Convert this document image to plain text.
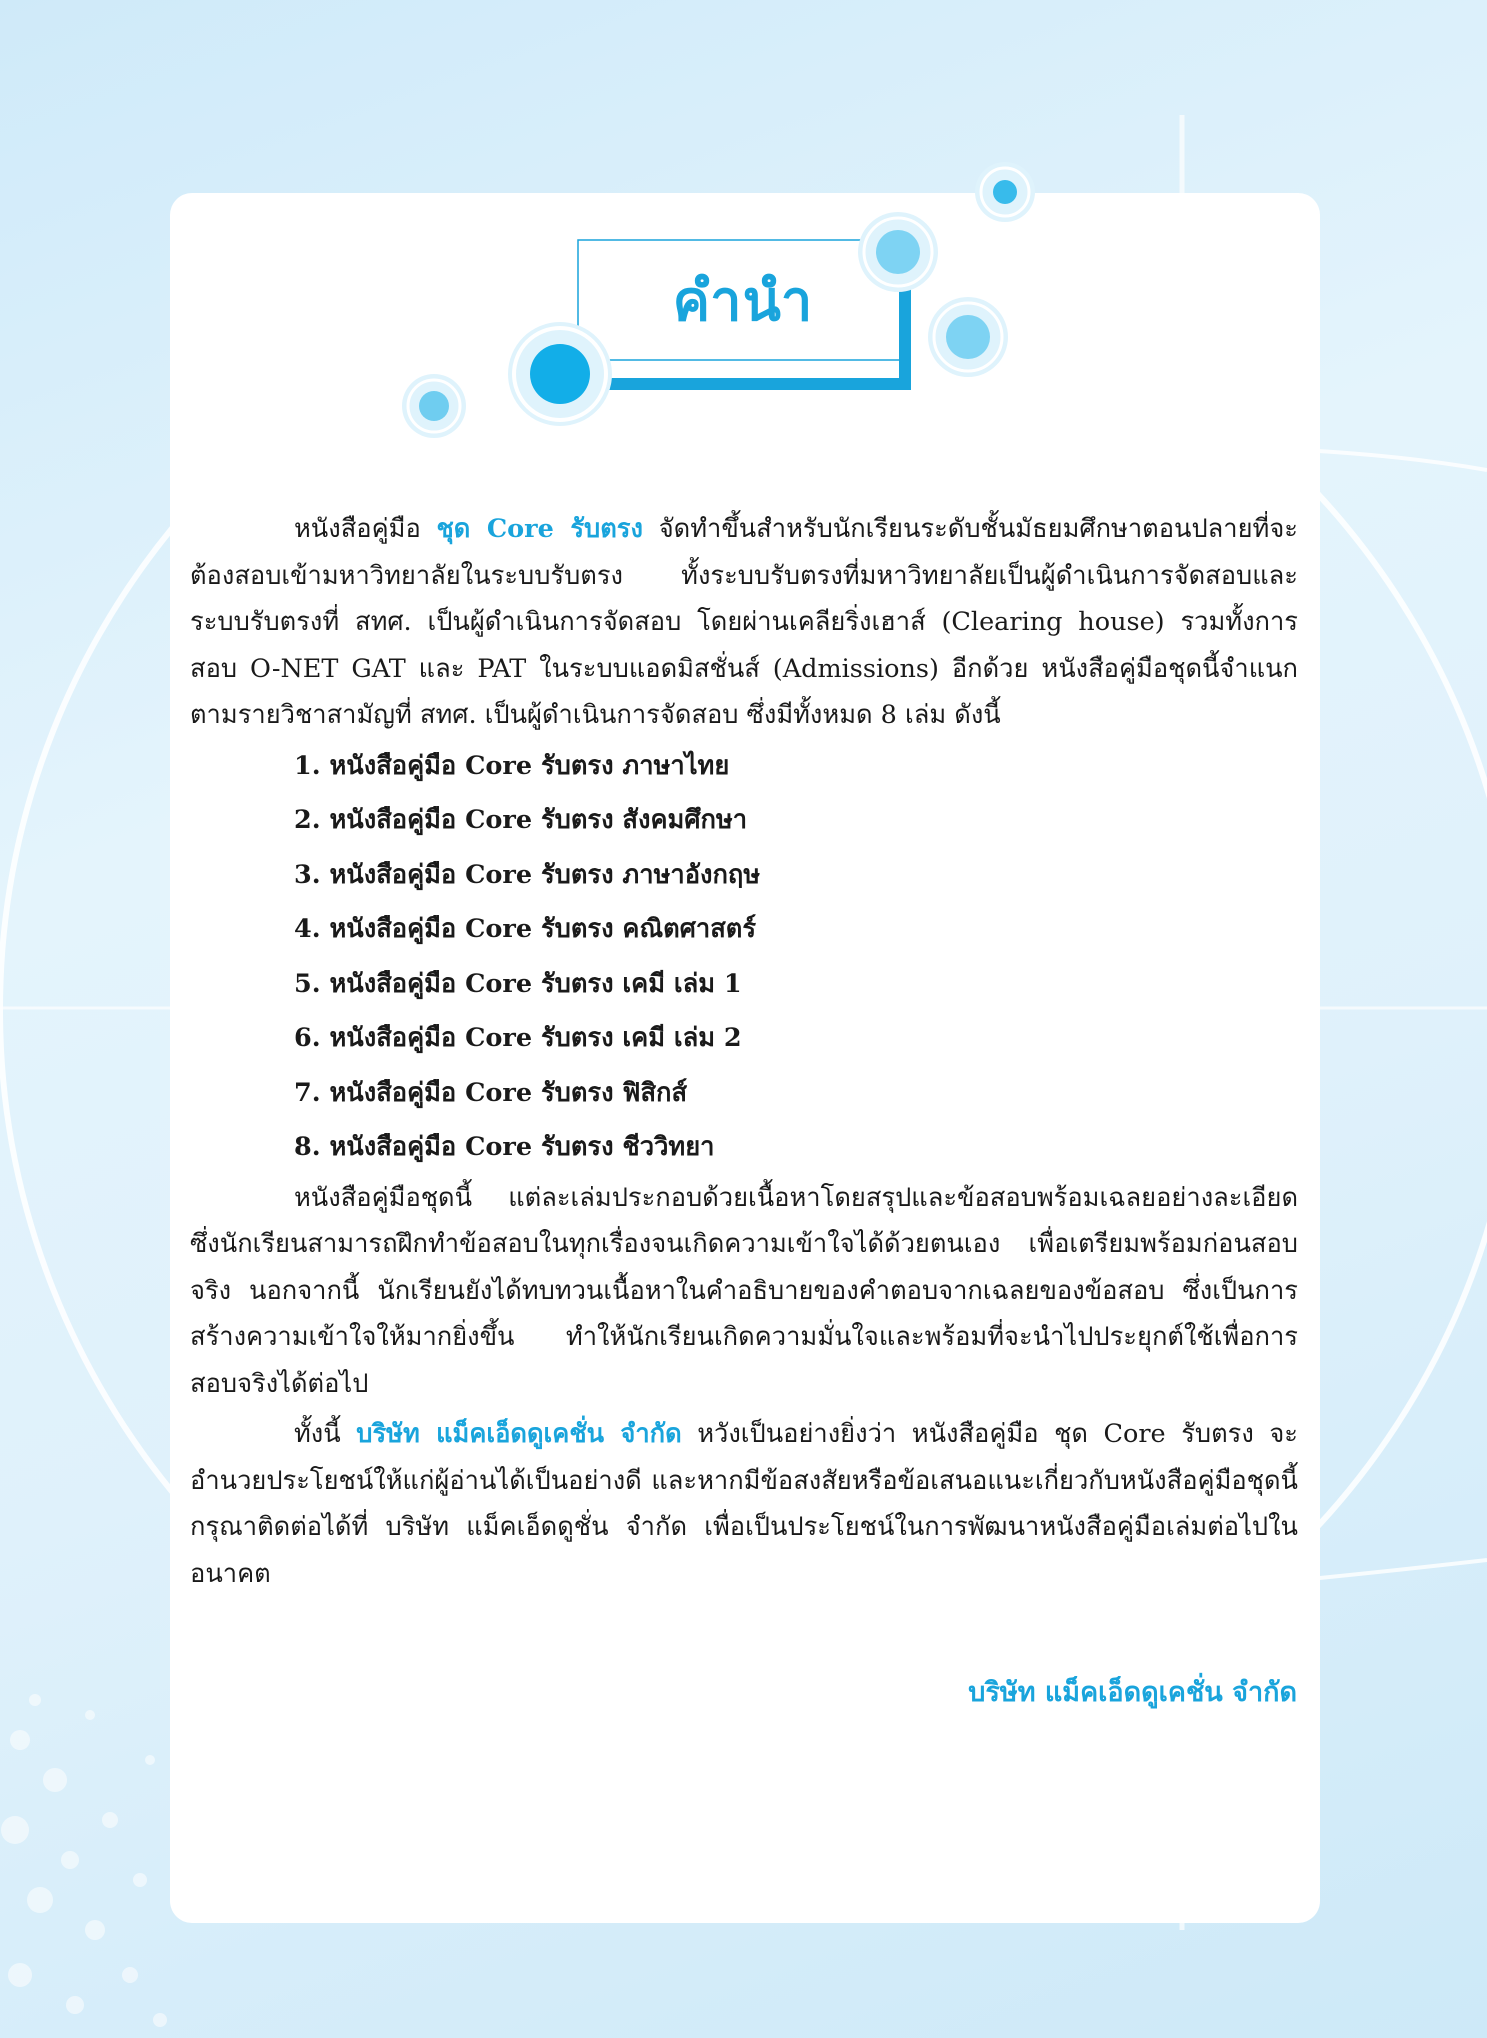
คำนำ

หนังสือคู่มือ ชุด Core รับตรง จัดทำขึ้นสำหรับนักเรียนระดับชั้นมัธยมศึกษาตอนปลายที่จะต้องสอบเข้ามหาวิทยาลัยในระบบรับตรง ทั้งระบบรับตรงที่มหาวิทยาลัยเป็นผู้ดำเนินการจัดสอบและระบบรับตรงที่ สทศ. เป็นผู้ดำเนินการจัดสอบ โดยผ่านเคลียริ่งเฮาส์ (Clearing house) รวมทั้งการสอบ O-NET GAT และ PAT ในระบบแอดมิสชั่นส์ (Admissions) อีกด้วย หนังสือคู่มือชุดนี้จำแนกตามรายวิชาสามัญที่ สทศ. เป็นผู้ดำเนินการจัดสอบ ซึ่งมีทั้งหมด 8 เล่ม ดังนี้

1. หนังสือคู่มือ Core รับตรง ภาษาไทย
2. หนังสือคู่มือ Core รับตรง สังคมศึกษา
3. หนังสือคู่มือ Core รับตรง ภาษาอังกฤษ
4. หนังสือคู่มือ Core รับตรง คณิตศาสตร์
5. หนังสือคู่มือ Core รับตรง เคมี เล่ม 1
6. หนังสือคู่มือ Core รับตรง เคมี เล่ม 2
7. หนังสือคู่มือ Core รับตรง ฟิสิกส์
8. หนังสือคู่มือ Core รับตรง ชีววิทยา

หนังสือคู่มือชุดนี้ แต่ละเล่มประกอบด้วยเนื้อหาโดยสรุปและข้อสอบพร้อมเฉลยอย่างละเอียด ซึ่งนักเรียนสามารถฝึกทำข้อสอบในทุกเรื่องจนเกิดความเข้าใจได้ด้วยตนเอง เพื่อเตรียมพร้อมก่อนสอบจริง นอกจากนี้ นักเรียนยังได้ทบทวนเนื้อหาในคำอธิบายของคำตอบจากเฉลยของข้อสอบ ซึ่งเป็นการสร้างความเข้าใจให้มากยิ่งขึ้น ทำให้นักเรียนเกิดความมั่นใจและพร้อมที่จะนำไปประยุกต์ใช้เพื่อการสอบจริงได้ต่อไป

ทั้งนี้ บริษัท แม็คเอ็ดดูเคชั่น จำกัด หวังเป็นอย่างยิ่งว่า หนังสือคู่มือ ชุด Core รับตรง จะอำนวยประโยชน์ให้แก่ผู้อ่านได้เป็นอย่างดี และหากมีข้อสงสัยหรือข้อเสนอแนะเกี่ยวกับหนังสือคู่มือชุดนี้ กรุณาติดต่อได้ที่ บริษัท แม็คเอ็ดดูชั่น จำกัด เพื่อเป็นประโยชน์ในการพัฒนาหนังสือคู่มือเล่มต่อไปในอนาคต

บริษัท แม็คเอ็ดดูเคชั่น จำกัด
